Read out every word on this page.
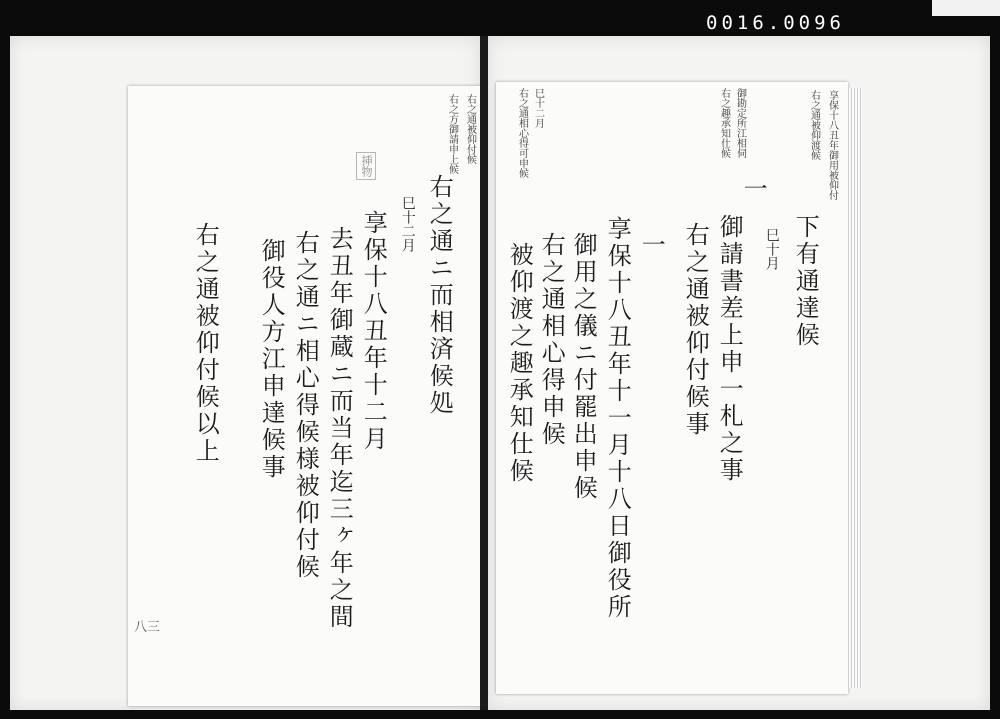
0016.0096
挿物
右之通被仰付候
右之方御請申上候
右之通ニ而相済候処
巳十二月
享保十八丑年十二月
去丑年御蔵ニ而当年迄三ヶ年之間
右之通ニ相心得候様被仰付候
御役人方江申達候事
右之通被仰付候以上
八三
享保十八丑年御用被仰付
右之通被仰渡候
御勘定所江相伺
右之趣承知仕候
巳十二月
右之通相心得可申候
下有通達候
巳十月
一
御請書差上申一札之事
右之通被仰付候事
一
享保十八丑年十一月十八日御役所
御用之儀ニ付罷出申候
右之通相心得申候
被仰渡之趣承知仕候
